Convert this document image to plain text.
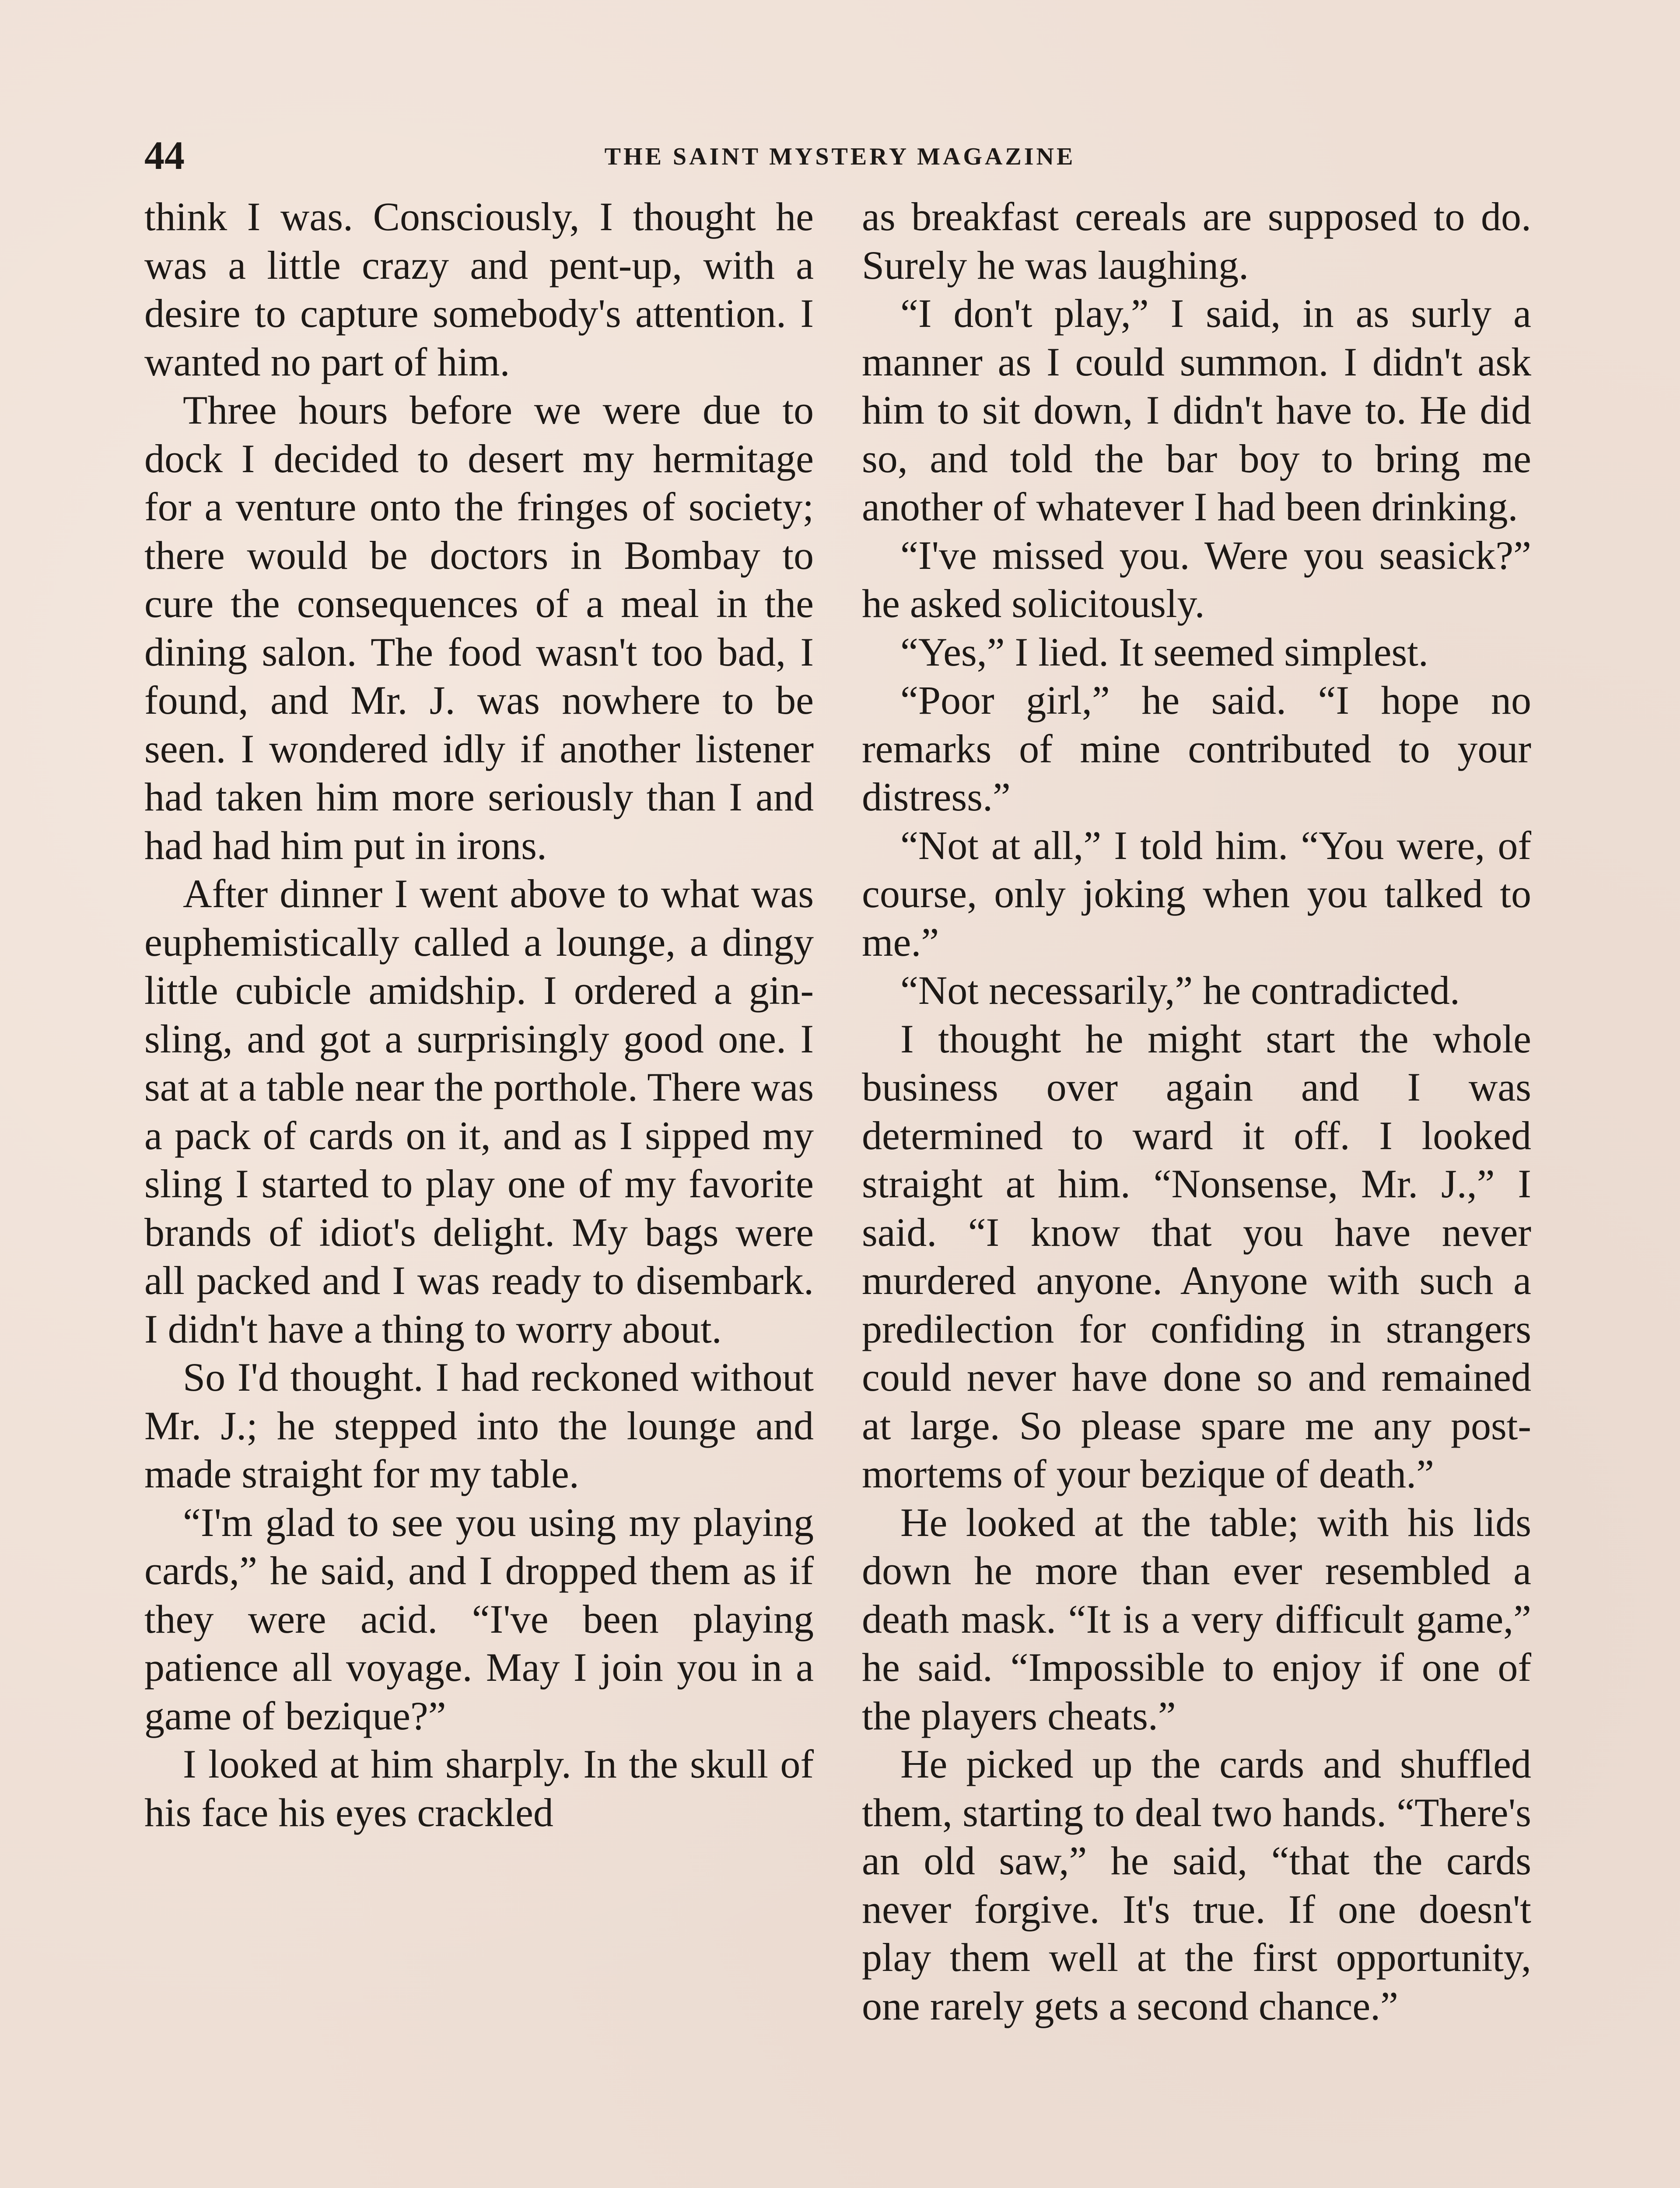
44	THE SAINT MYSTERY MAGAZINE

think I was. Consciously, I thought he was a little crazy and pent-up, with a desire to capture somebody's attention. I wanted no part of him.

Three hours before we were due to dock I decided to desert my hermitage for a venture onto the fringes of society; there would be doctors in Bombay to cure the consequences of a meal in the dining salon. The food wasn't too bad, I found, and Mr. J. was nowhere to be seen. I wondered idly if another listener had taken him more seriously than I and had had him put in irons.

After dinner I went above to what was euphemistically called a lounge, a dingy little cubicle amidship. I ordered a gin-sling, and got a surprisingly good one. I sat at a table near the porthole. There was a pack of cards on it, and as I sipped my sling I started to play one of my favorite brands of idiot's delight. My bags were all packed and I was ready to disembark. I didn't have a thing to worry about.

So I'd thought. I had reckoned without Mr. J.; he stepped into the lounge and made straight for my table.

“I'm glad to see you using my playing cards,” he said, and I dropped them as if they were acid. “I've been playing patience all voyage. May I join you in a game of bezique?”

I looked at him sharply. In the skull of his face his eyes crackled

as breakfast cereals are supposed to do. Surely he was laughing.

“I don't play,” I said, in as surly a manner as I could summon. I didn't ask him to sit down, I didn't have to. He did so, and told the bar boy to bring me another of whatever I had been drinking.

“I've missed you. Were you seasick?” he asked solicitously.

“Yes,” I lied. It seemed simplest.

“Poor girl,” he said. “I hope no remarks of mine contributed to your distress.”

“Not at all,” I told him. “You were, of course, only joking when you talked to me.”

“Not necessarily,” he contradicted.

I thought he might start the whole business over again and I was determined to ward it off. I looked straight at him. “Nonsense, Mr. J.,” I said. “I know that you have never murdered anyone. Anyone with such a predilection for confiding in strangers could never have done so and remained at large. So please spare me any post-mortems of your bezique of death.”

He looked at the table; with his lids down he more than ever resembled a death mask. “It is a very difficult game,” he said. “Impossible to enjoy if one of the players cheats.”

He picked up the cards and shuffled them, starting to deal two hands. “There's an old saw,” he said, “that the cards never forgive. It's true. If one doesn't play them well at the first opportunity, one rarely gets a second chance.”
